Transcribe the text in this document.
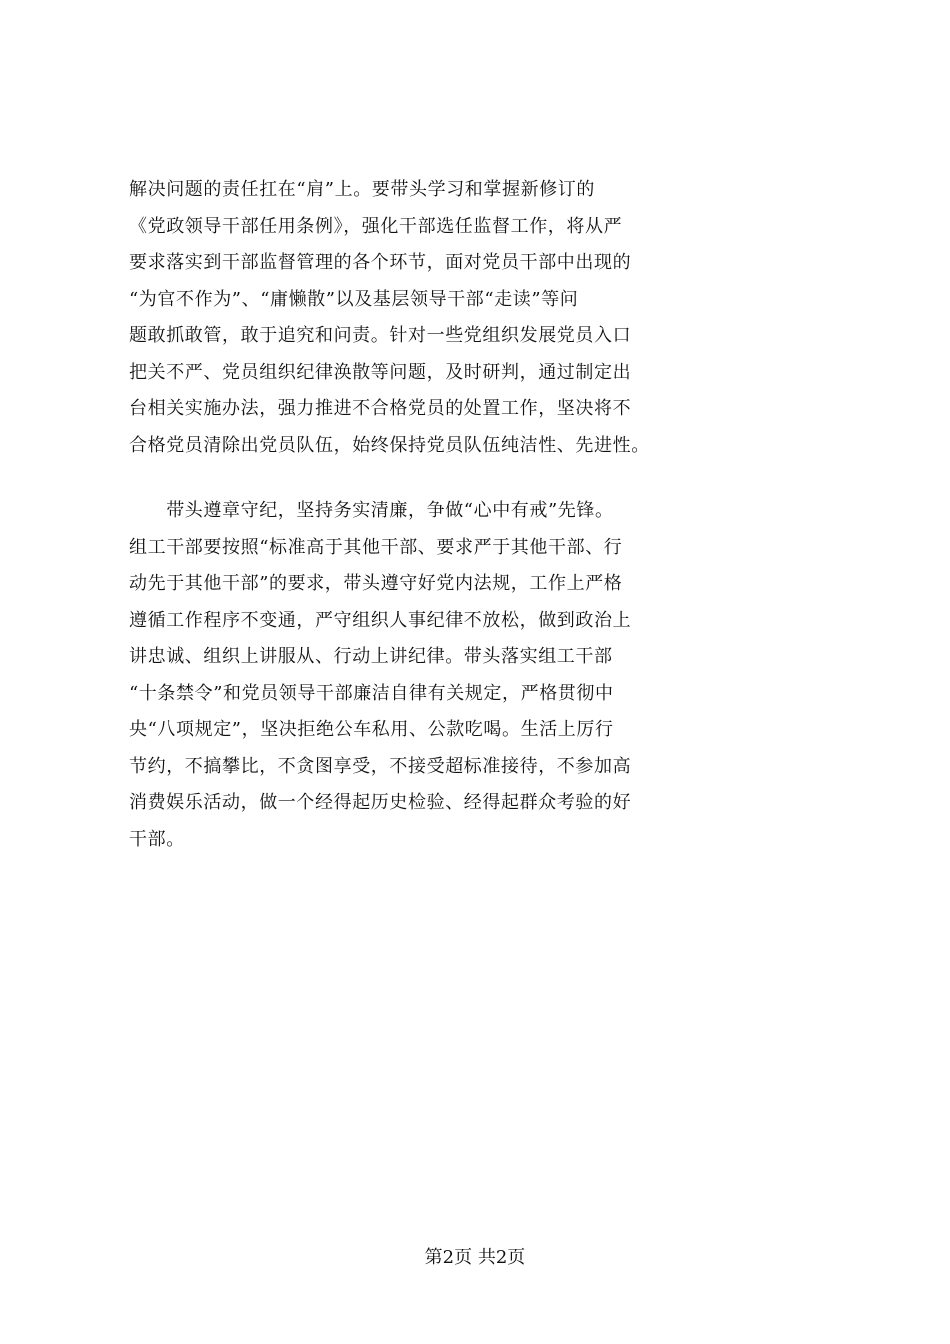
解决问题的责任扛在“肩”上。要带头学习和掌握新修订的
《党政领导干部任用条例》，强化干部选任监督工作，将从严
要求落实到干部监督管理的各个环节，面对党员干部中出现的
“为官不作为”、“庸懒散”以及基层领导干部“走读”等问
题敢抓敢管，敢于追究和问责。针对一些党组织发展党员入口
把关不严、党员组织纪律涣散等问题，及时研判，通过制定出
台相关实施办法，强力推进不合格党员的处置工作，坚决将不
合格党员清除出党员队伍，始终保持党员队伍纯洁性、先进性。
　　带头遵章守纪，坚持务实清廉，争做“心中有戒”先锋。
组工干部要按照“标准高于其他干部、要求严于其他干部、行
动先于其他干部”的要求，带头遵守好党内法规，工作上严格
遵循工作程序不变通，严守组织人事纪律不放松，做到政治上
讲忠诚、组织上讲服从、行动上讲纪律。带头落实组工干部
“十条禁令”和党员领导干部廉洁自律有关规定，严格贯彻中
央“八项规定”，坚决拒绝公车私用、公款吃喝。生活上厉行
节约，不搞攀比，不贪图享受，不接受超标准接待，不参加高
消费娱乐活动，做一个经得起历史检验、经得起群众考验的好
干部。
第2页 共2页
